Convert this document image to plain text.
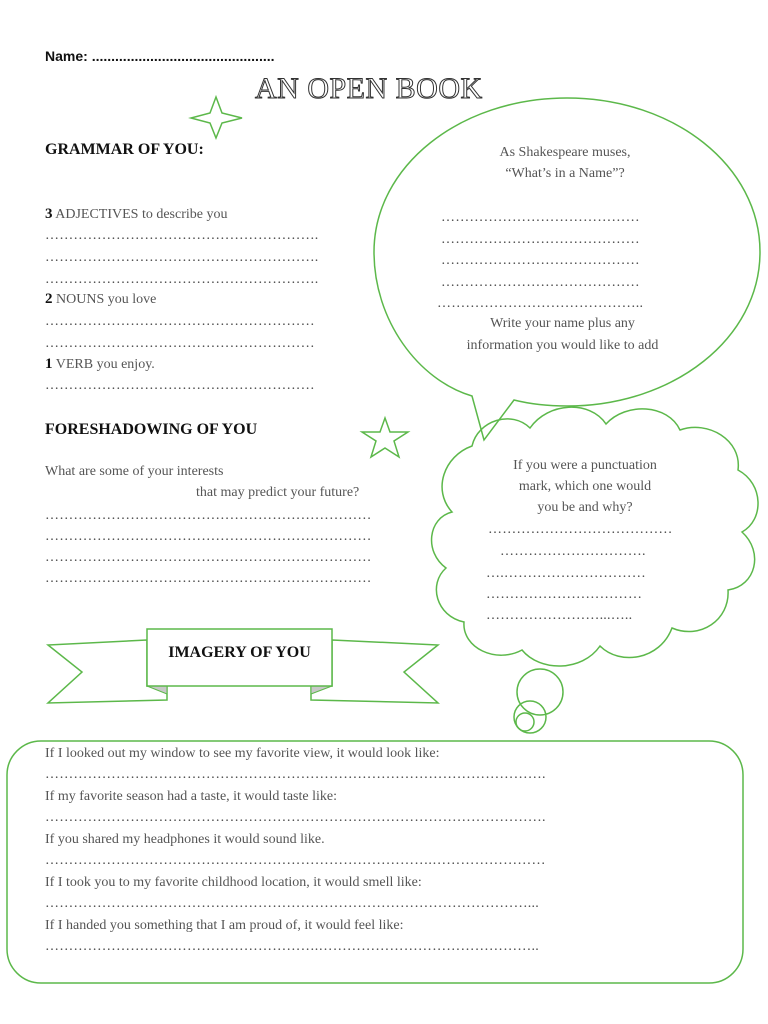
Name: ...............................................
AN OPEN BOOK
GRAMMAR OF YOU:
3 ADJECTIVES to describe you
………………………………………………….
………………………………………………….
………………………………………………….
2 NOUNS you love
…………………………………………………
…………………………………………………
1 VERB you enjoy.
…………………………………………………
FORESHADOWING OF YOU
What are some of your interests
that may predict your future?
……………………………………………………………
……………………………………………………………
……………………………………………………………
……………………………………………………………
As Shakespeare muses,
“What’s in a Name”?
……………………………………
……………………………………
……………………………………
……………………………………
……………………………………..
Write your name plus any
information you would like to add
If you were a punctuation
mark, which one would
you be and why?
…………………………………
………………………….
….…………………………
……………………………
……………………...…..
IMAGERY OF YOU
If I looked out my window to see my favorite view, it would look like:
…………………………………………………………………………………………….
If my favorite season had a taste, it would taste like:
…………………………………………………………………………………………….
If you shared my headphones it would sound like.
……………………………………………………………………….……………………
If I took you to my favorite childhood location, it would smell like:
…………………………………………………………………………………………...
If I handed you something that I am proud of, it would feel like:
………………………………………………….………………………………………..
